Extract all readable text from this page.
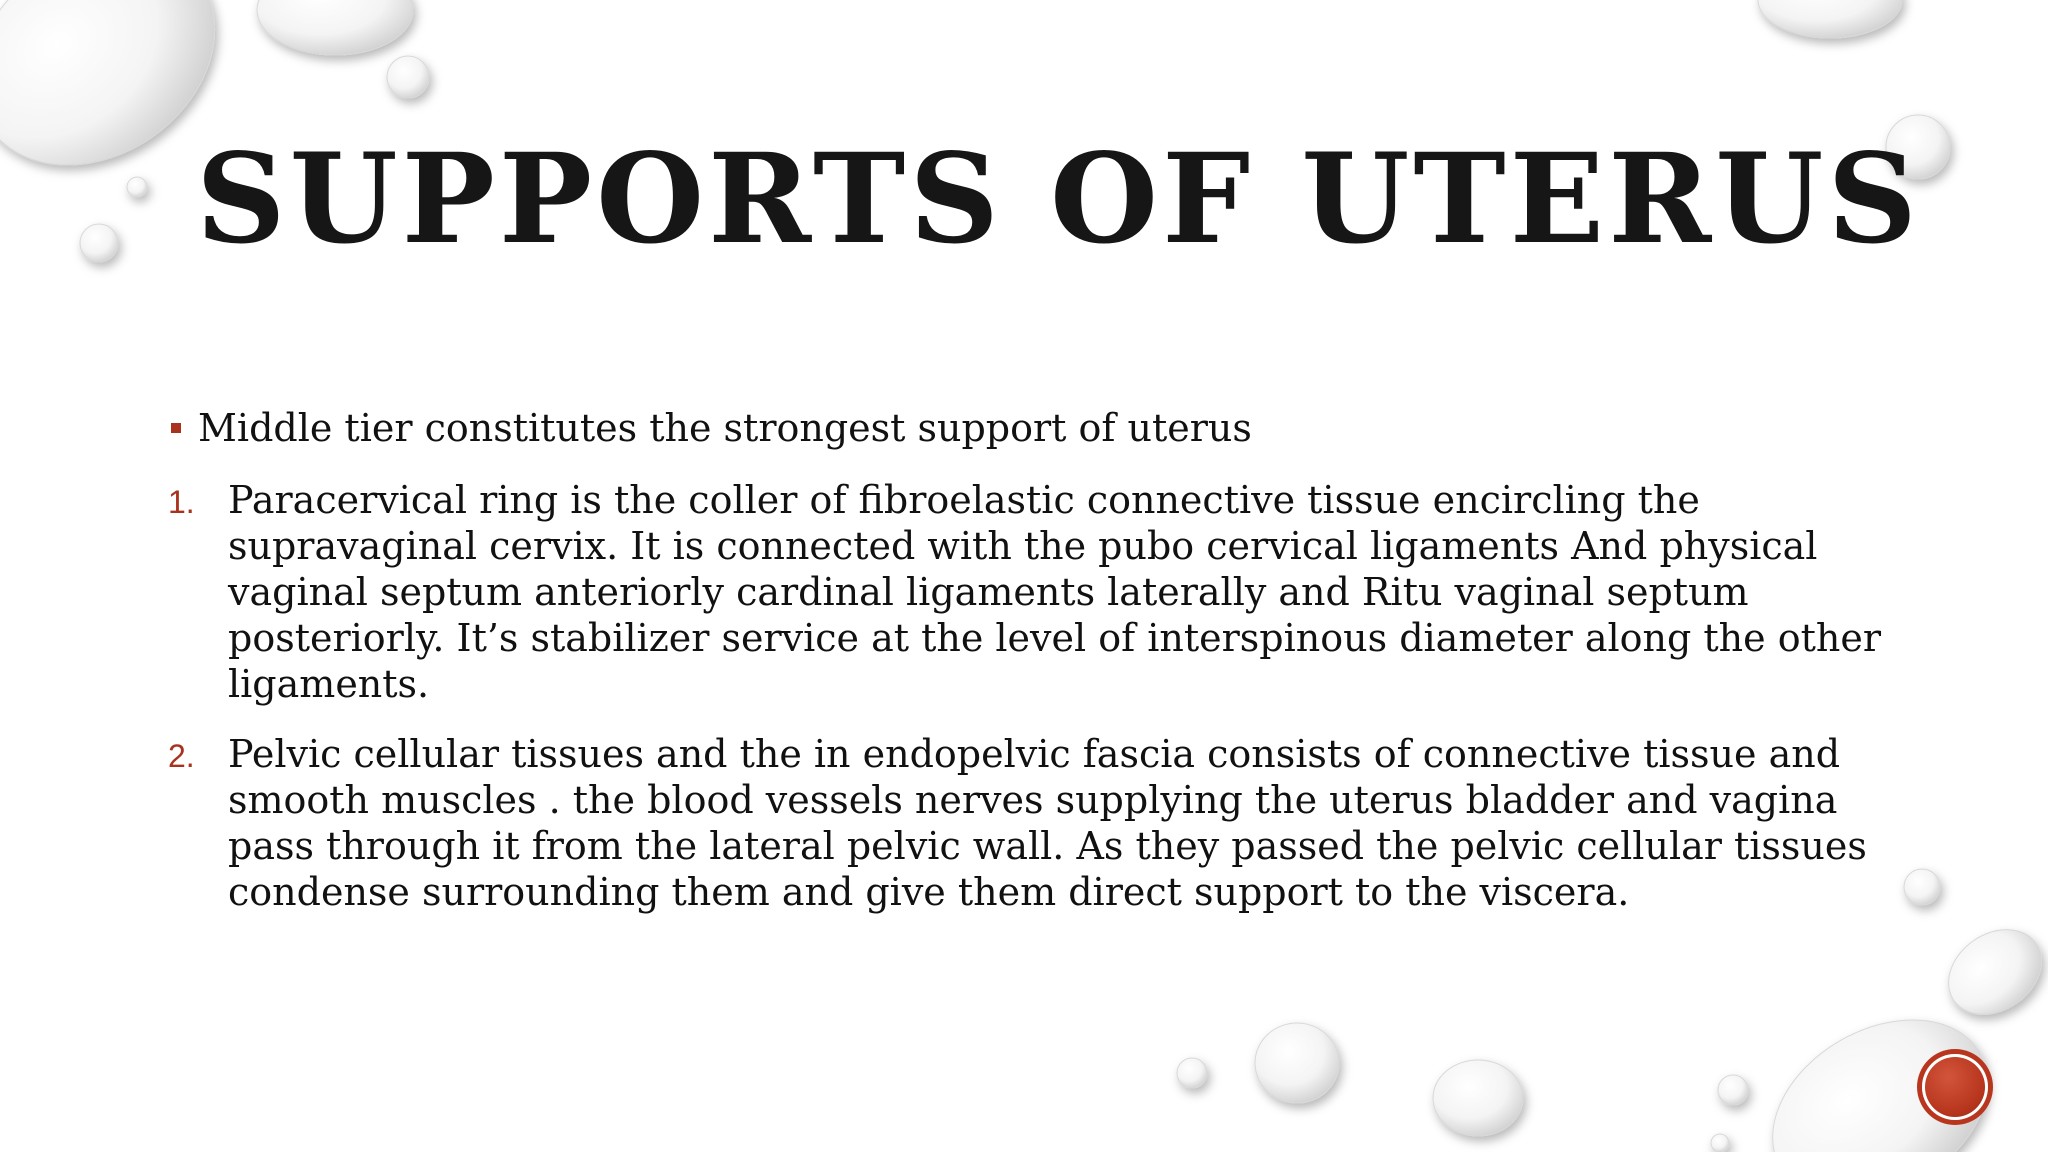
SUPPORTS OF UTERUS
Middle tier constitutes the strongest support of uterus
1. Paracervical ring is the coller of fibroelastic connective tissue encircling the supravaginal cervix. It is connected with the pubo cervical ligaments And physical vaginal septum anteriorly cardinal ligaments laterally and Ritu vaginal septum posteriorly. It’s stabilizer service at the level of interspinous diameter along the other ligaments.
2. Pelvic cellular tissues and the in endopelvic fascia consists of connective tissue and smooth muscles . the blood vessels nerves supplying the uterus bladder and vagina pass through it from the lateral pelvic wall. As they passed the pelvic cellular tissues condense surrounding them and give them direct support to the viscera.
